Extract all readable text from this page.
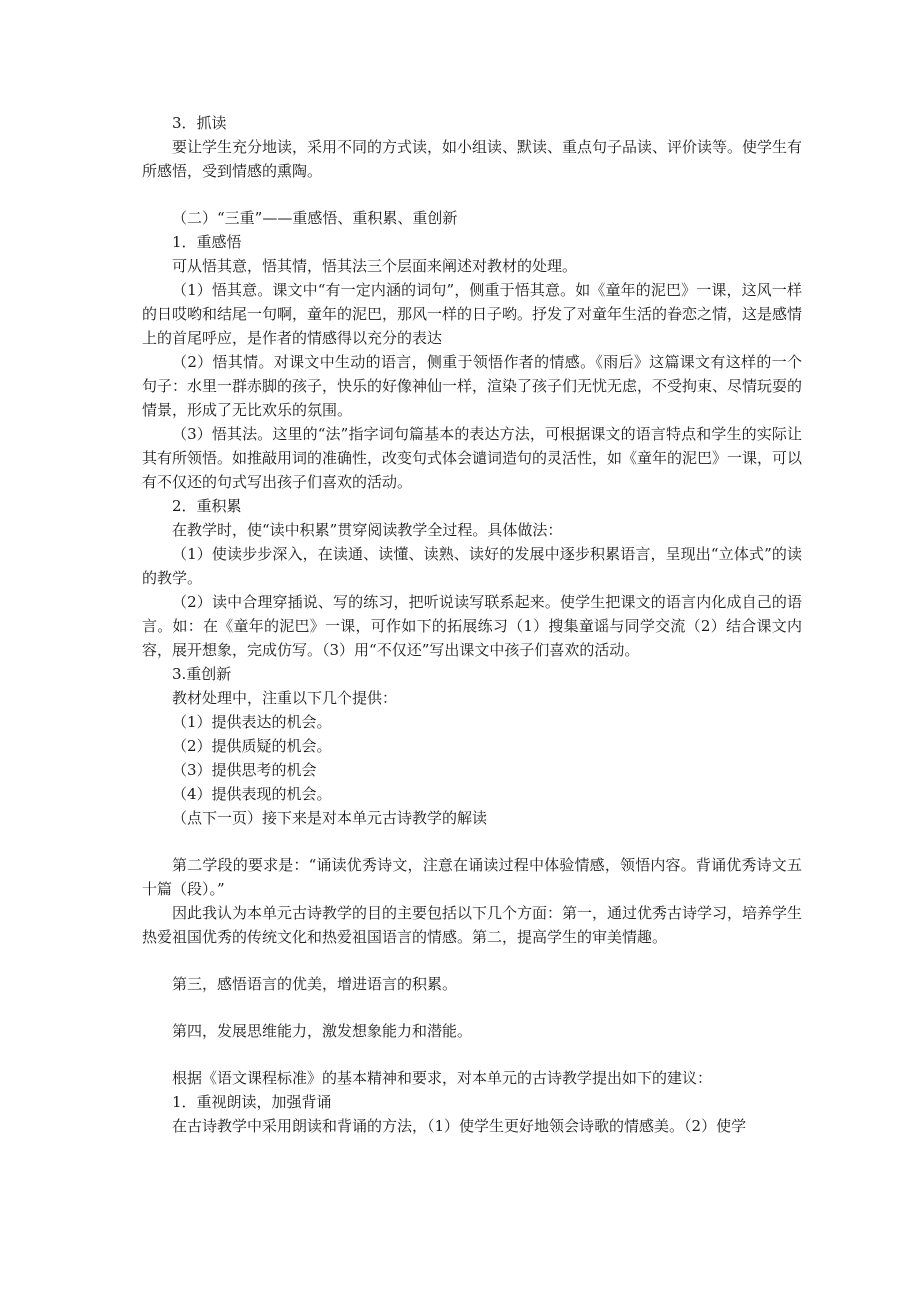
3．抓读

要让学生充分地读，采用不同的方式读，如小组读、默读、重点句子品读、评价读等。使学生有所感悟，受到情感的熏陶。

（二）“三重”——重感悟、重积累、重创新

1．重感悟

可从悟其意，悟其情，悟其法三个层面来阐述对教材的处理。

（1）悟其意。课文中“有一定内涵的词句”，侧重于悟其意。如《童年的泥巴》一课，这风一样的日哎哟和结尾一句啊，童年的泥巴，那风一样的日子哟。抒发了对童年生活的眷恋之情，这是感情上的首尾呼应，是作者的情感得以充分的表达

（2）悟其情。对课文中生动的语言，侧重于领悟作者的情感。《雨后》这篇课文有这样的一个句子：水里一群赤脚的孩子，快乐的好像神仙一样，渲染了孩子们无忧无虑，不受拘束、尽情玩耍的情景，形成了无比欢乐的氛围。

（3）悟其法。这里的“法”指字词句篇基本的表达方法，可根据课文的语言特点和学生的实际让其有所领悟。如推敲用词的准确性，改变句式体会谴词造句的灵活性，如《童年的泥巴》一课，可以有不仅还的句式写出孩子们喜欢的活动。

2．重积累

在教学时，使“读中积累”贯穿阅读教学全过程。具体做法：

（1）使读步步深入，在读通、读懂、读熟、读好的发展中逐步积累语言，呈现出“立体式”的读的教学。

（2）读中合理穿插说、写的练习，把听说读写联系起来。使学生把课文的语言内化成自己的语言。如：在《童年的泥巴》一课，可作如下的拓展练习（1）搜集童谣与同学交流（2）结合课文内容，展开想象，完成仿写。（3）用“不仅还”写出课文中孩子们喜欢的活动。

3.重创新

教材处理中，注重以下几个提供：

（1）提供表达的机会。

（2）提供质疑的机会。

（3）提供思考的机会

（4）提供表现的机会。

（点下一页）接下来是对本单元古诗教学的解读

第二学段的要求是：“诵读优秀诗文，注意在诵读过程中体验情感，领悟内容。背诵优秀诗文五十篇（段）。”

因此我认为本单元古诗教学的目的主要包括以下几个方面：第一，通过优秀古诗学习，培养学生热爱祖国优秀的传统文化和热爱祖国语言的情感。第二，提高学生的审美情趣。

第三，感悟语言的优美，增进语言的积累。

第四，发展思维能力，激发想象能力和潜能。

根据《语文课程标准》的基本精神和要求，对本单元的古诗教学提出如下的建议：

1．重视朗读，加强背诵

在古诗教学中采用朗读和背诵的方法，（1）使学生更好地领会诗歌的情感美。（2）使学
